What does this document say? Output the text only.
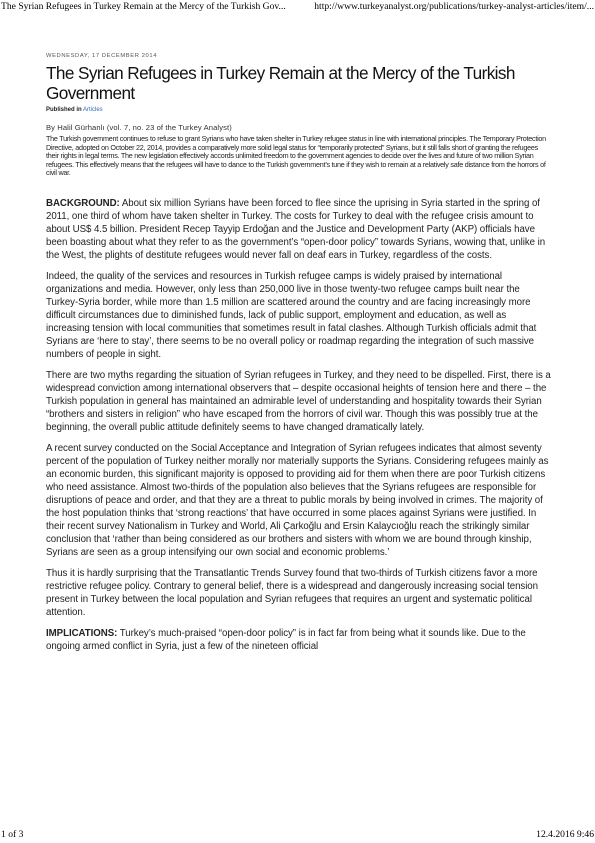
The Syrian Refugees in Turkey Remain at the Mercy of the Turkish Gov...	http://www.turkeyanalyst.org/publications/turkey-analyst-articles/item/...
WEDNESDAY, 17 DECEMBER 2014
The Syrian Refugees in Turkey Remain at the Mercy of the Turkish Government
Published in Articles
By Halil Gürhanlı (vol. 7, no. 23 of the Turkey Analyst)
The Turkish government continues to refuse to grant Syrians who have taken shelter in Turkey refugee status in line with international principles. The Temporary Protection Directive, adopted on October 22, 2014, provides a comparatively more solid legal status for “temporarily protected” Syrians, but it still falls short of granting the refugees their rights in legal terms. The new legislation effectively accords unlimited freedom to the government agencies to decide over the lives and future of two million Syrian refugees. This effectively means that the refugees will have to dance to the Turkish government’s tune if they wish to remain at a relatively safe distance from the horrors of civil war.

BACKGROUND: About six million Syrians have been forced to flee since the uprising in Syria started in the spring of 2011, one third of whom have taken shelter in Turkey. The costs for Turkey to deal with the refugee crisis amount to about US$ 4.5 billion. President Recep Tayyip Erdoğan and the Justice and Development Party (AKP) officials have been boasting about what they refer to as the government’s “open-door policy” towards Syrians, wowing that, unlike in the West, the plights of destitute refugees would never fall on deaf ears in Turkey, regardless of the costs.

Indeed, the quality of the services and resources in Turkish refugee camps is widely praised by international organizations and media. However, only less than 250,000 live in those twenty-two refugee camps built near the Turkey-Syria border, while more than 1.5 million are scattered around the country and are facing increasingly more difficult circumstances due to diminished funds, lack of public support, employment and education, as well as increasing tension with local communities that sometimes result in fatal clashes. Although Turkish officials admit that Syrians are ‘here to stay’, there seems to be no overall policy or roadmap regarding the integration of such massive numbers of people in sight.

There are two myths regarding the situation of Syrian refugees in Turkey, and they need to be dispelled. First, there is a widespread conviction among international observers that – despite occasional heights of tension here and there – the Turkish population in general has maintained an admirable level of understanding and hospitality towards their Syrian “brothers and sisters in religion” who have escaped from the horrors of civil war. Though this was possibly true at the beginning, the overall public attitude definitely seems to have changed dramatically lately.

A recent survey conducted on the Social Acceptance and Integration of Syrian refugees indicates that almost seventy percent of the population of Turkey neither morally nor materially supports the Syrians. Considering refugees mainly as an economic burden, this significant majority is opposed to providing aid for them when there are poor Turkish citizens who need assistance. Almost two-thirds of the population also believes that the Syrians refugees are responsible for disruptions of peace and order, and that they are a threat to public morals by being involved in crimes. The majority of the host population thinks that ‘strong reactions’ that have occurred in some places against Syrians were justified. In their recent survey Nationalism in Turkey and World, Ali Çarkoğlu and Ersin Kalaycıoğlu reach the strikingly similar conclusion that ‘rather than being considered as our brothers and sisters with whom we are bound through kinship, Syrians are seen as a group intensifying our own social and economic problems.’

Thus it is hardly surprising that the Transatlantic Trends Survey found that two-thirds of Turkish citizens favor a more restrictive refugee policy. Contrary to general belief, there is a widespread and dangerously increasing social tension present in Turkey between the local population and Syrian refugees that requires an urgent and systematic political attention.

IMPLICATIONS: Turkey’s much-praised “open-door policy” is in fact far from being what it sounds like. Due to the ongoing armed conflict in Syria, just a few of the nineteen official

1 of 3	12.4.2016 9:46
